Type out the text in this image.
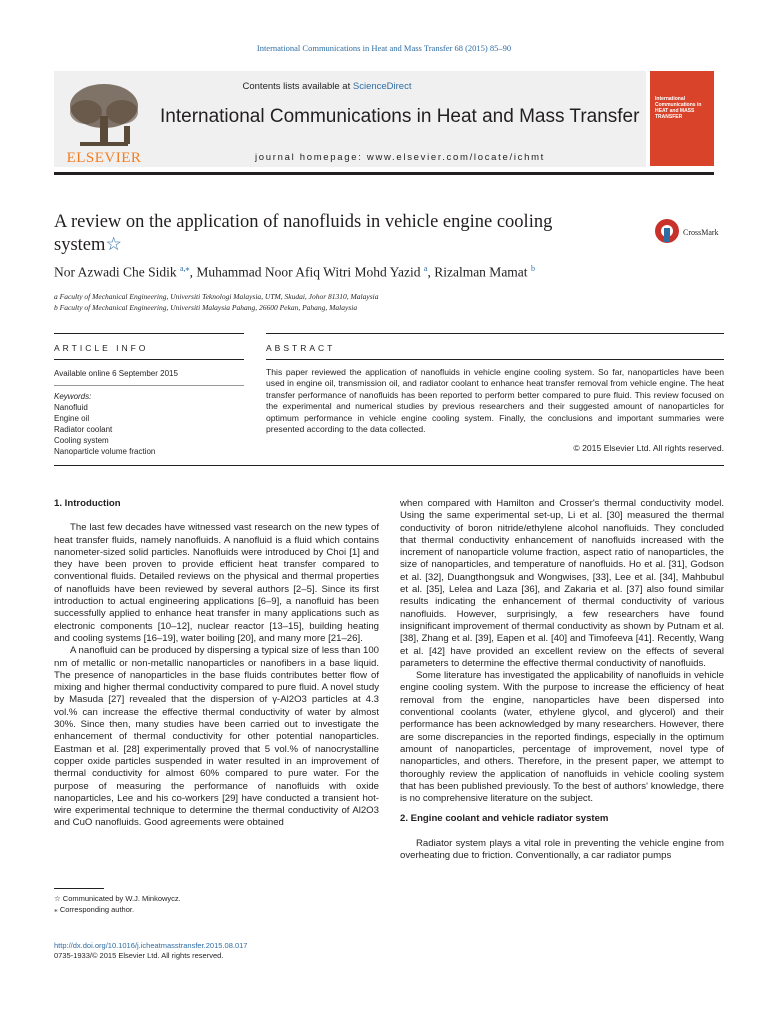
International Communications in Heat and Mass Transfer 68 (2015) 85–90
ELSEVIER
Contents lists available at ScienceDirect
International Communications in Heat and Mass Transfer
journal homepage: www.elsevier.com/locate/ichmt
International Communications in HEAT and MASS TRANSFER
A review on the application of nanofluids in vehicle engine cooling system☆
CrossMark
Nor Azwadi Che Sidik $^{a,⁎}$, Muhammad Noor Afiq Witri Mohd Yazid $^a$, Rizalman Mamat $^b$
a Faculty of Mechanical Engineering, Universiti Teknologi Malaysia, UTM, Skudai, Johor 81310, Malaysia
b Faculty of Mechanical Engineering, Universiti Malaysia Pahang, 26600 Pekan, Pahang, Malaysia
ARTICLE INFO	ABSTRACT
Available online 6 September 2015
Keywords:
Nanofluid
Engine oil
Radiator coolant
Cooling system
Nanoparticle volume fraction
This paper reviewed the application of nanofluids in vehicle engine cooling system. So far, nanoparticles have been used in engine oil, transmission oil, and radiator coolant to enhance heat transfer removal from vehicle engine. The heat transfer performance of nanofluids has been reported to perform better compared to pure fluid. This review focused on the experimental and numerical studies by previous researchers and their suggested amount of nanoparticles for optimum performance in vehicle engine cooling system. Finally, the conclusions and important summaries were presented according to the data collected.
© 2015 Elsevier Ltd. All rights reserved.
1. Introduction

The last few decades have witnessed vast research on the new types of heat transfer fluids, namely nanofluids. A nanofluid is a fluid which contains nanometer-sized solid particles. Nanofluids were introduced by Choi [1] and they have been proven to provide efficient heat transfer compared to conventional fluids. Detailed reviews on the physical and thermal properties of nanofluids have been reviewed by several authors [2–5]. Since its first introduction to actual engineering applications [6–9], a nanofluid has been successfully applied to enhance heat transfer in many applications such as electronic components [10–12], nuclear reactor [13–15], building heating and cooling systems [16–19], water boiling [20], and many more [21–26].

A nanofluid can be produced by dispersing a typical size of less than 100 nm of metallic or non-metallic nanoparticles or nanofibers in a base liquid. The presence of nanoparticles in the base fluids contributes better flow of mixing and higher thermal conductivity compared to pure fluid. A novel study by Masuda [27] revealed that the dispersion of γ-Al2O3 particles at 4.3 vol.% can increase the effective thermal conductivity of water by almost 30%. Since then, many studies have been carried out to investigate the enhancement of thermal conductivity for other potential nanoparticles. Eastman et al. [28] experimentally proved that 5 vol.% of nanocrystalline copper oxide particles suspended in water resulted in an improvement of thermal conductivity for almost 60% compared to pure water. For the purpose of measuring the performance of nanofluids with oxide nanoparticles, Lee and his co-workers [29] have conducted a transient hot-wire experimental technique to determine the thermal conductivity of Al2O3 and CuO nanofluids. Good agreements were obtained

when compared with Hamilton and Crosser's thermal conductivity model. Using the same experimental set-up, Li et al. [30] measured the thermal conductivity of boron nitride/ethylene alcohol nanofluids. They concluded that thermal conductivity enhancement of nanofluids increased with the increment of nanoparticle volume fraction, aspect ratio of nanoparticles, the size of nanoparticles, and temperature of nanofluids. Ho et al. [31], Godson et al. [32], Duangthongsuk and Wongwises, [33], Lee et al. [34], Mahbubul et al. [35], Lelea and Laza [36], and Zakaria et al. [37] also found similar results indicating the enhancement of thermal conductivity of various nanofluids. However, surprisingly, a few researchers have found insignificant improvement of thermal conductivity as shown by Putnam et al. [38], Zhang et al. [39], Eapen et al. [40] and Timofeeva [41]. Recently, Wang et al. [42] have provided an excellent review on the effects of several parameters to determine the effective thermal conductivity of nanofluids.

Some literature has investigated the applicability of nanofluids in vehicle engine cooling system. With the purpose to increase the efficiency of heat removal from the engine, nanoparticles have been dispersed into conventional coolants (water, ethylene glycol, and glycerol) and their performance has been acknowledged by many researchers. However, there are some discrepancies in the reported findings, especially in the optimum amount of nanoparticles, percentage of improvement, novel type of nanoparticles, and others. Therefore, in the present paper, we attempt to thoroughly review the application of nanofluids in vehicle cooling system that has been published previously. To the best of authors' knowledge, there is no comprehensive literature on the subject.

2. Engine coolant and vehicle radiator system

Radiator system plays a vital role in preventing the vehicle engine from overheating due to friction. Conventionally, a car radiator pumps

☆ Communicated by W.J. Minkowycz.
⁎ Corresponding author.
http://dx.doi.org/10.1016/j.icheatmasstransfer.2015.08.017
0735-1933/© 2015 Elsevier Ltd. All rights reserved.
